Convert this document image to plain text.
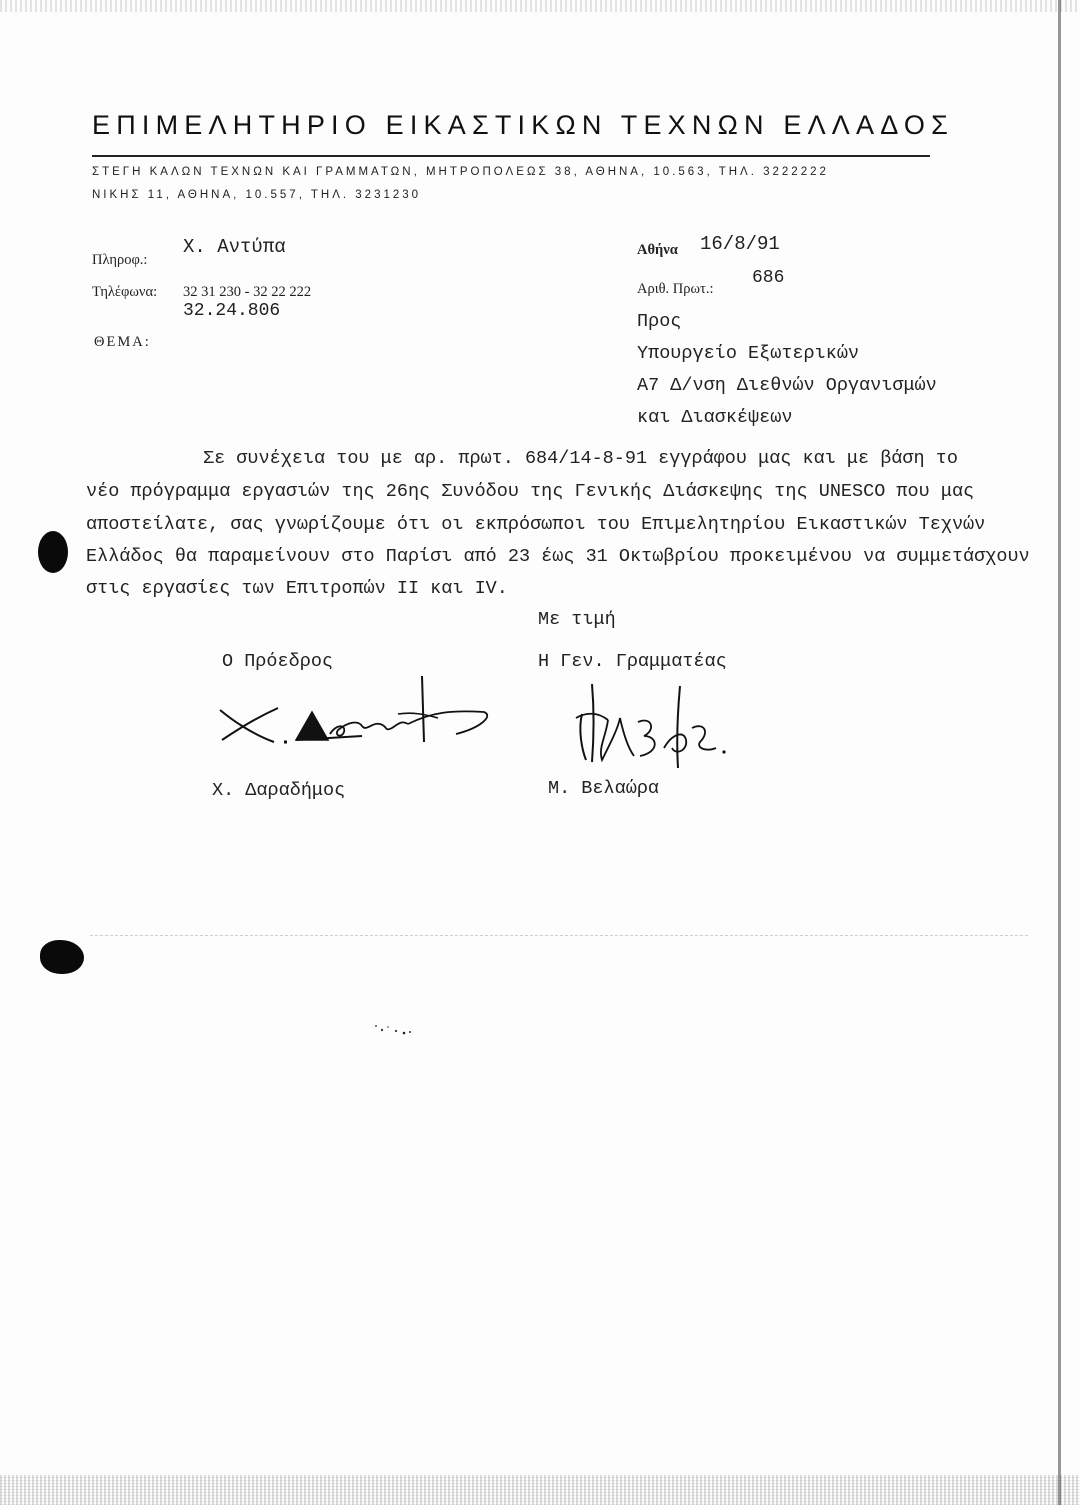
ΕΠΙΜΕΛΗΤΗΡΙΟ ΕΙΚΑΣΤΙΚΩΝ ΤΕΧΝΩΝ ΕΛΛΑΔΟΣ
ΣΤΕΓΗ ΚΑΛΩΝ ΤΕΧΝΩΝ ΚΑΙ ΓΡΑΜΜΑΤΩΝ, ΜΗΤΡΟΠΟΛΕΩΣ 38, ΑΘΗΝΑ, 10.563, ΤΗΛ. 3222222
ΝΙΚΗΣ 11, ΑΘΗΝΑ, 10.557, ΤΗΛ. 3231230
Πληροφ.:
Χ. Αντύπα
Τηλέφωνα: 32 31 230 - 32 22 222
32.24.806
ΘΕΜΑ:
Αθήνα 16/8/91
Αριθ. Πρωτ.:
686
Προς
Υπουργείο Εξωτερικών
Α7 Δ/νση Διεθνών Οργανισμών
και Διασκέψεων
Σε συνέχεια του με αρ. πρωτ. 684/14-8-91 εγγράφου μας και με βάση το
νέο πρόγραμμα εργασιών της 26ης Συνόδου της Γενικής Διάσκεψης της UNESCO που μας
αποστείλατε, σας γνωρίζουμε ότι οι εκπρόσωποι του Επιμελητηρίου Εικαστικών Τεχνών
Ελλάδος θα παραμείνουν στο Παρίσι από 23 έως 31 Οκτωβρίου προκειμένου να συμμετάσχουν
στις εργασίες των Επιτροπών ΙΙ και IV.
Με τιμή
Ο Πρόεδρος	Η Γεν. Γραμματέας
Χ. Δαραδήμος	Μ. Βελαώρα
